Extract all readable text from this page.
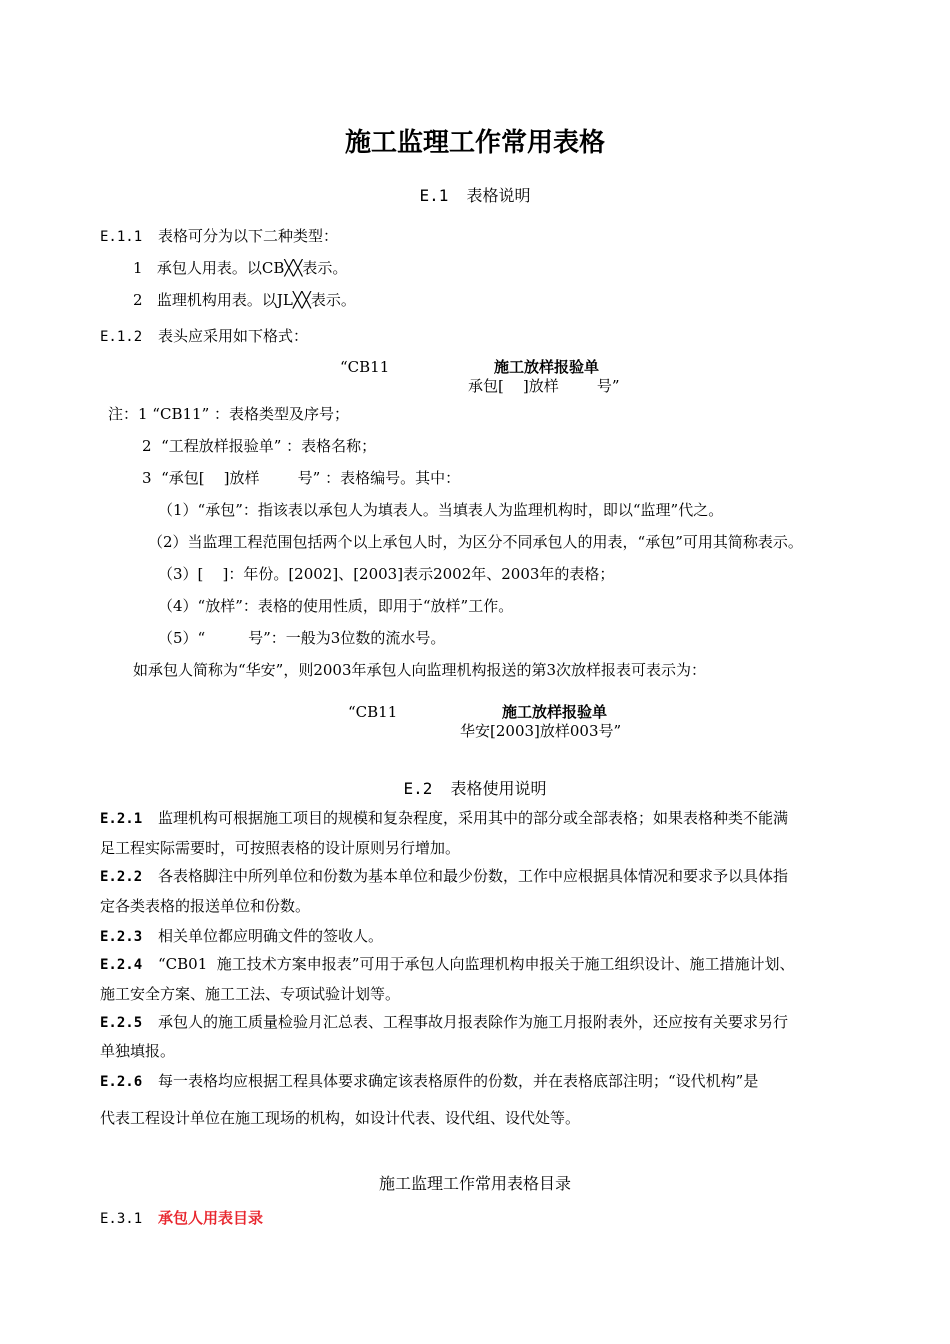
施工监理工作常用表格
E.1 表格说明
E.1.1 表格可分为以下二种类型：
1   承包人用表。以CB╳╳表示。
2   监理机构用表。以JL╳╳表示。
E.1.2 表头应采用如下格式：
“CB11	施工放样报验单
承包[    ]放样        号”
注：1 “CB11” ：表格类型及序号；
2  “工程放样报验单” ：表格名称；
3  “承包[    ]放样        号” ：表格编号。其中：
（1）“承包”：指该表以承包人为填表人。当填表人为监理机构时，即以“监理”代之。
（2）当监理工程范围包括两个以上承包人时，为区分不同承包人的用表，“承包”可用其简称表示。
（3）[    ]：年份。[2002]、[2003]表示2002年、2003年的表格；
（4）“放样”：表格的使用性质，即用于“放样”工作。
（5）“         号”：一般为3位数的流水号。
如承包人简称为“华安”，则2003年承包人向监理机构报送的第3次放样报表可表示为：
“CB11	施工放样报验单
华安[2003]放样003号”
E.2 表格使用说明
E.2.1 监理机构可根据施工项目的规模和复杂程度，采用其中的部分或全部表格；如果表格种类不能满
足工程实际需要时，可按照表格的设计原则另行增加。
E.2.2 各表格脚注中所列单位和份数为基本单位和最少份数，工作中应根据具体情况和要求予以具体指
定各类表格的报送单位和份数。
E.2.3 相关单位都应明确文件的签收人。
E.2.4 “CB01  施工技术方案申报表”可用于承包人向监理机构申报关于施工组织设计、施工措施计划、
施工安全方案、施工工法、专项试验计划等。
E.2.5 承包人的施工质量检验月汇总表、工程事故月报表除作为施工月报附表外，还应按有关要求另行
单独填报。
E.2.6 每一表格均应根据工程具体要求确定该表格原件的份数，并在表格底部注明；“设代机构”是
代表工程设计单位在施工现场的机构，如设计代表、设代组、设代处等。
施工监理工作常用表格目录
E.3.1 承包人用表目录
